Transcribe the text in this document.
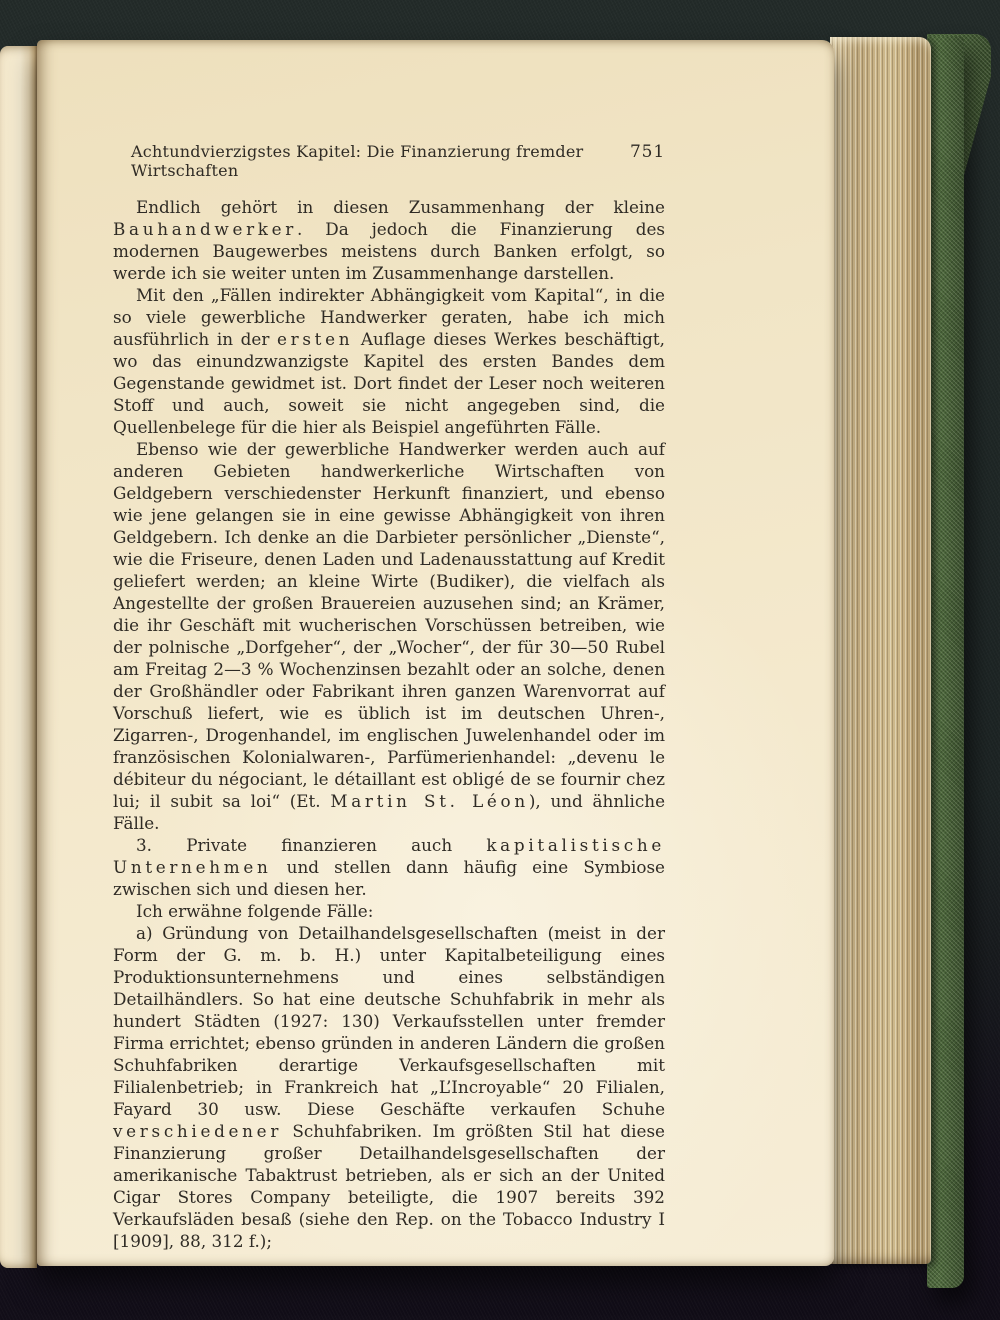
Achtundvierzigstes Kapitel: Die Finanzierung fremder Wirtschaften
751

Endlich gehört in diesen Zusammenhang der kleine Bauhandwerker. Da jedoch die Finanzierung des modernen Baugewerbes meistens durch Banken erfolgt, so werde ich sie weiter unten im Zusammenhange darstellen.

Mit den „Fällen indirekter Abhängigkeit vom Kapital“, in die so viele gewerbliche Handwerker geraten, habe ich mich ausführlich in der ersten Auflage dieses Werkes beschäftigt, wo das einundzwanzigste Kapitel des ersten Bandes dem Gegenstande gewidmet ist. Dort findet der Leser noch weiteren Stoff und auch, soweit sie nicht angegeben sind, die Quellenbelege für die hier als Beispiel angeführten Fälle.

Ebenso wie der gewerbliche Handwerker werden auch auf anderen Gebieten handwerkerliche Wirtschaften von Geldgebern verschiedenster Herkunft finanziert, und ebenso wie jene gelangen sie in eine gewisse Abhängigkeit von ihren Geldgebern. Ich denke an die Darbieter persönlicher „Dienste“, wie die Friseure, denen Laden und Ladenausstattung auf Kredit geliefert werden; an kleine Wirte (Budiker), die vielfach als Angestellte der großen Brauereien auzusehen sind; an Krämer, die ihr Geschäft mit wucherischen Vorschüssen betreiben, wie der polnische „Dorfgeher“, der „Wocher“, der für 30—50 Rubel am Freitag 2—3 % Wochenzinsen bezahlt oder an solche, denen der Großhändler oder Fabrikant ihren ganzen Warenvorrat auf Vorschuß liefert, wie es üblich ist im deutschen Uhren-, Zigarren-, Drogenhandel, im englischen Juwelenhandel oder im französischen Kolonialwaren-, Parfümerienhandel: „devenu le débiteur du négociant, le détaillant est obligé de se fournir chez lui; il subit sa loi“ (Et. Martin St. Léon), und ähnliche Fälle.

3. Private finanzieren auch kapitalistische Unternehmen und stellen dann häufig eine Symbiose zwischen sich und diesen her.

Ich erwähne folgende Fälle:

a) Gründung von Detailhandelsgesellschaften (meist in der Form der G. m. b. H.) unter Kapitalbeteiligung eines Produktionsunternehmens und eines selbständigen Detailhändlers. So hat eine deutsche Schuhfabrik in mehr als hundert Städten (1927: 130) Verkaufsstellen unter fremder Firma errichtet; ebenso gründen in anderen Ländern die großen Schuhfabriken derartige Verkaufsgesellschaften mit Filialenbetrieb; in Frankreich hat „L’Incroyable“ 20 Filialen, Fayard 30 usw. Diese Geschäfte verkaufen Schuhe verschiedener Schuhfabriken. Im größten Stil hat diese Finanzierung großer Detailhandelsgesellschaften der amerikanische Tabaktrust betrieben, als er sich an der United Cigar Stores Company beteiligte, die 1907 bereits 392 Verkaufsläden besaß (siehe den Rep. on the Tobacco Industry I [1909], 88, 312 f.);
